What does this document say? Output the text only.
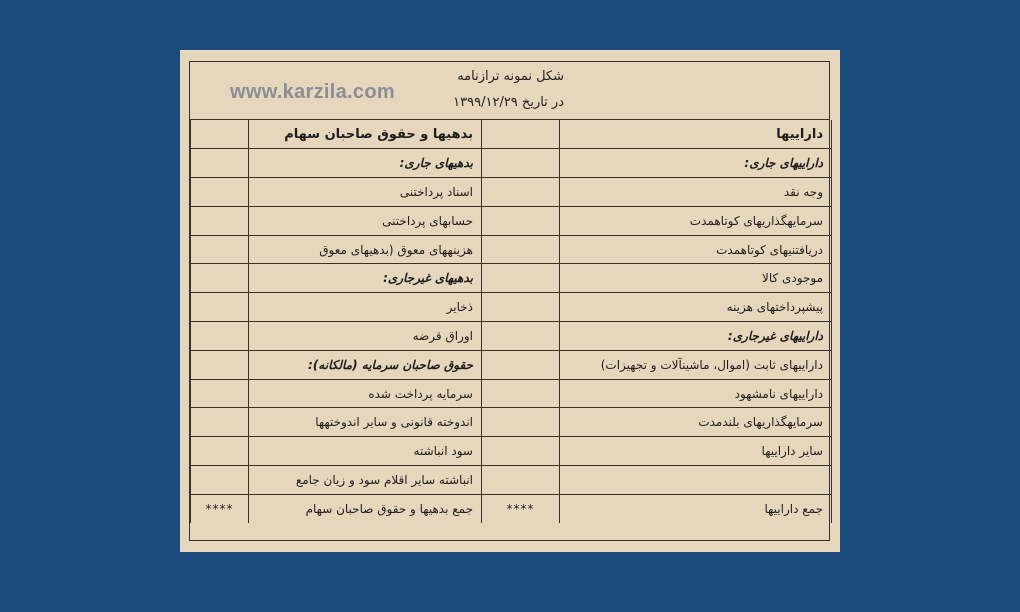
www.karzila.com
شکل نمونه ترازنامه
در تاریخ ۱۳۹۹/۱۲/۲۹
	بدهیها و حقوق صاحبان سهام		داراییها
	بدهیهای جاری:		داراییهای جاری:
	اسناد پرداختنی		وجه نقد
	حسابهای پرداختنی		سرمایهگذاریهای کوتاهمدت
	هزینههای معوق (بدهیهای معوق		دریافتنیهای کوتاهمدت
	بدهیهای غیرجاری:		موجودی کالا
	ذخایر		پیشپرداختهای هزینه
	اوراق قرضه		داراییهای غیرجاری:
	حقوق صاحبان سرمایه (مالکانه):		داراییهای ثابت (اموال، ماشینآلات و تجهیزات)
	سرمایه پرداخت شده		داراییهای نامشهود
	اندوخته قانونی و سایر اندوختهها		سرمایهگذاریهای بلندمدت
	سود انباشته		سایر داراییها
	انباشته سایر اقلام سود و زیان جامع		
****	جمع بدهیها و حقوق صاحبان سهام	****	جمع داراییها
